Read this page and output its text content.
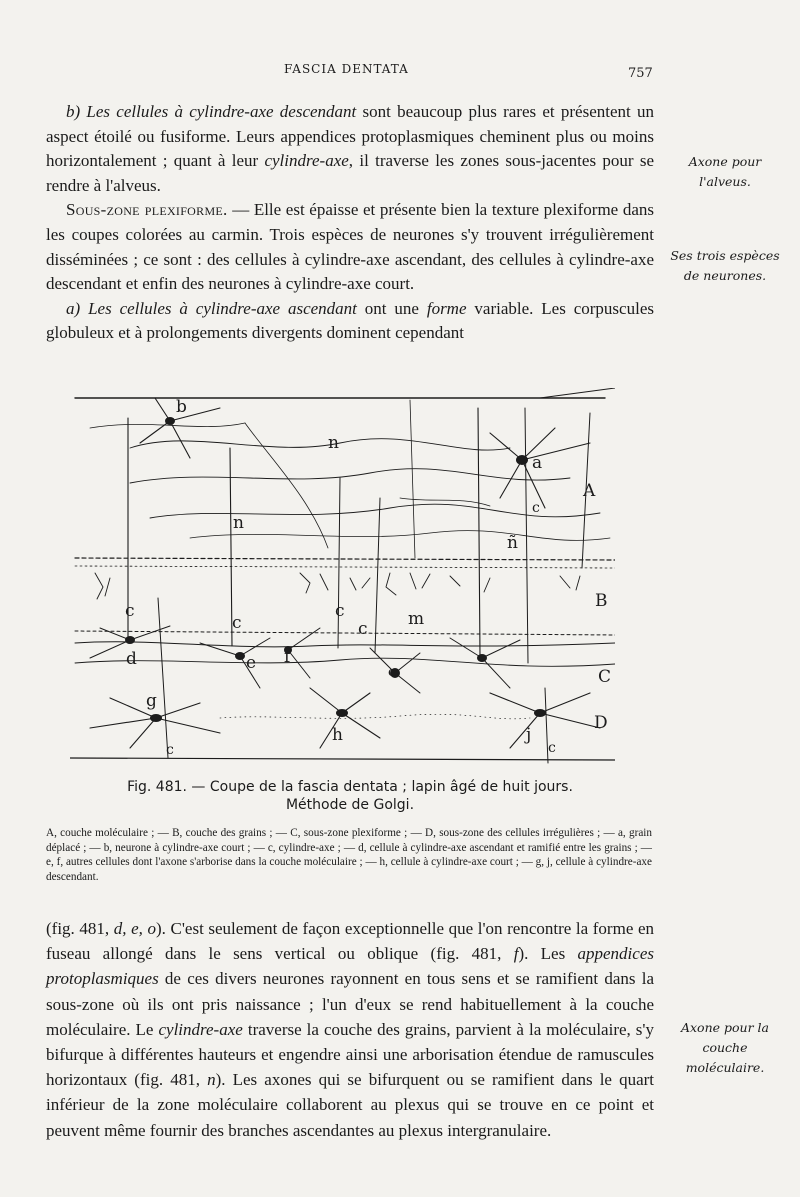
FASCIA DENTATA	757

b) Les cellules à cylindre-axe descendant sont beaucoup plus rares et présentent un aspect étoilé ou fusiforme. Leurs appendices protoplasmiques cheminent plus ou moins horizontalement ; quant à leur cylindre-axe, il traverse les zones sous-jacentes pour se rendre à l'alveus.

Sous-zone plexiforme. — Elle est épaisse et présente bien la texture plexiforme dans les coupes colorées au carmin. Trois espèces de neurones s'y trouvent irrégulièrement disséminées ; ce sont : des cellules à cylindre-axe ascendant, des cellules à cylindre-axe descendant et enfin des neurones à cylindre-axe court.

a) Les cellules à cylindre-axe ascendant ont une forme variable. Les corpuscules globuleux et à prolongements divergents dominent cependant

Axone pour l'alveus.
Ses trois espèces de neurones.
Axone pour la couche moléculaire.
b
n
a
A
c
ñ
n
c
c
c
c m
B
d	e f
o	C
g
h	j
D
c	c
Fig. 481. — Coupe de la fascia dentata ; lapin âgé de huit jours.
Méthode de Golgi.
A, couche moléculaire ; — B, couche des grains ; — C, sous-zone plexiforme ; — D, sous-zone des cellules irrégulières ; — a, grain déplacé ; — b, neurone à cylindre-axe court ; — c, cylindre-axe ; — d, cellule à cylindre-axe ascendant et ramifié entre les grains ; — e, f, autres cellules dont l'axone s'arborise dans la couche moléculaire ; — h, cellule à cylindre-axe court ; — g, j, cellule à cylindre-axe descendant.

(fig. 481, d, e, o). C'est seulement de façon exceptionnelle que l'on rencontre la forme en fuseau allongé dans le sens vertical ou oblique (fig. 481, f). Les appendices protoplasmiques de ces divers neurones rayonnent en tous sens et se ramifient dans la sous-zone où ils ont pris naissance ; l'un d'eux se rend habituellement à la couche moléculaire. Le cylindre-axe traverse la couche des grains, parvient à la moléculaire, s'y bifurque à différentes hauteurs et engendre ainsi une arborisation étendue de ramuscules horizontaux (fig. 481, n). Les axones qui se bifurquent ou se ramifient dans le quart inférieur de la zone moléculaire collaborent au plexus qui se trouve en ce point et peuvent même fournir des branches ascendantes au plexus intergranulaire.
